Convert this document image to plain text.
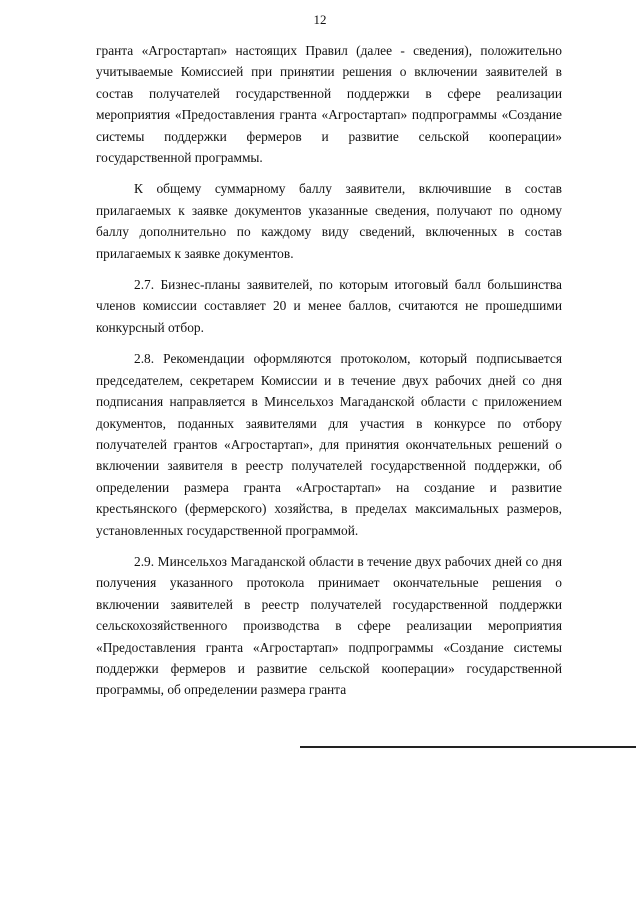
12

гранта «Агростартап» настоящих Правил (далее - сведения), положительно учитываемые Комиссией при принятии решения о включении заявителей в состав получателей государственной поддержки в сфере реализации мероприятия «Предоставления гранта «Агростартап» подпрограммы «Создание системы поддержки фермеров и развитие сельской кооперации» государственной программы.

К общему суммарному баллу заявители, включившие в состав прилагаемых к заявке документов указанные сведения, получают по одному баллу дополнительно по каждому виду сведений, включенных в состав прилагаемых к заявке документов.

2.7. Бизнес-планы заявителей, по которым итоговый балл большинства членов комиссии составляет 20 и менее баллов, считаются не прошедшими конкурсный отбор.

2.8. Рекомендации оформляются протоколом, который подписывается председателем, секретарем Комиссии и в течение двух рабочих дней со дня подписания направляется в Минсельхоз Магаданской области с приложением документов, поданных заявителями для участия в конкурсе по отбору получателей грантов «Агростартап», для принятия окончательных решений о включении заявителя в реестр получателей государственной поддержки, об определении размера гранта «Агростартап» на создание и развитие крестьянского (фермерского) хозяйства, в пределах максимальных размеров, установленных государственной программой.

2.9. Минсельхоз Магаданской области в течение двух рабочих дней со дня получения указанного протокола принимает окончательные решения о включении заявителей в реестр получателей государственной поддержки сельскохозяйственного производства в сфере реализации мероприятия «Предоставления гранта «Агростартап» подпрограммы «Создание системы поддержки фермеров и развитие сельской кооперации» государственной программы, об определении размера гранта
